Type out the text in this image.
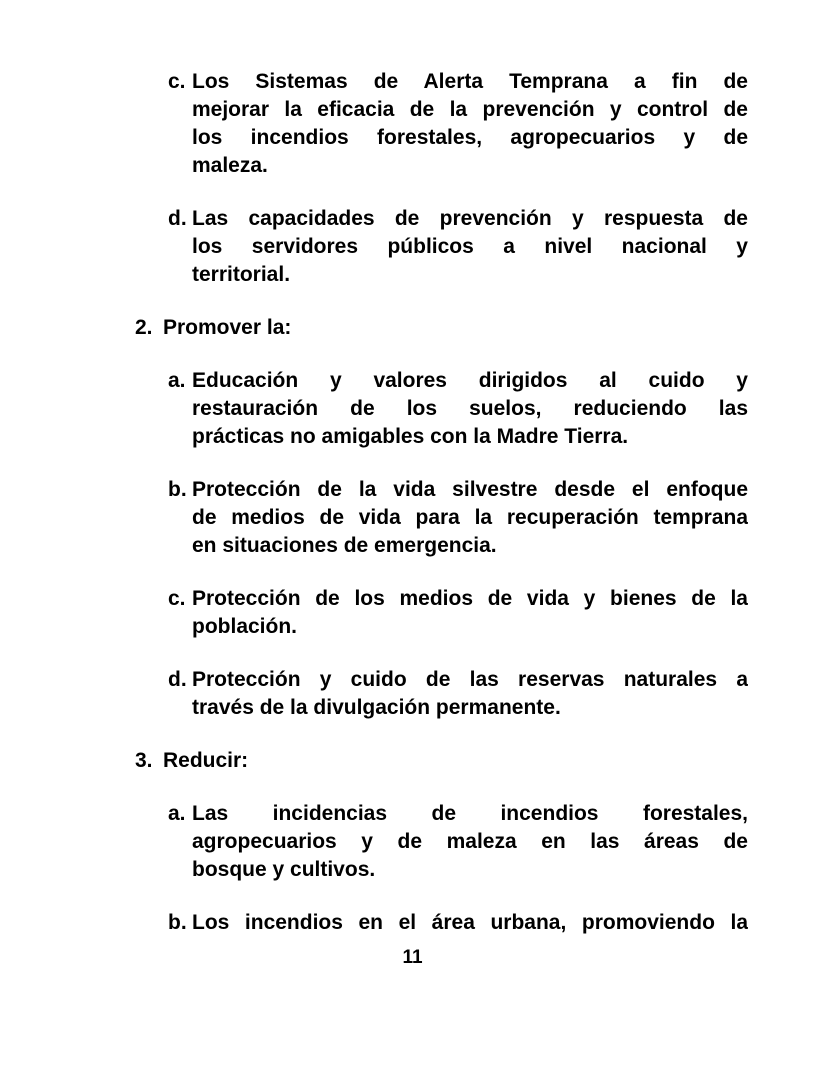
c. Los Sistemas de Alerta Temprana a fin de
mejorar la eficacia de la prevención y control de
los incendios forestales, agropecuarios y de
maleza.
d. Las capacidades de prevención y respuesta de
los servidores públicos a nivel nacional y
territorial.
2. Promover la:
a. Educación y valores dirigidos al cuido y
restauración de los suelos, reduciendo las
prácticas no amigables con la Madre Tierra.
b. Protección de la vida silvestre desde el enfoque
de medios de vida para la recuperación temprana
en situaciones de emergencia.
c. Protección de los medios de vida y bienes de la
población.
d. Protección y cuido de las reservas naturales a
través de la divulgación permanente.
3. Reducir:
a. Las incidencias de incendios forestales,
agropecuarios y de maleza en las áreas de
bosque y cultivos.
b. Los incendios en el área urbana, promoviendo la
11
